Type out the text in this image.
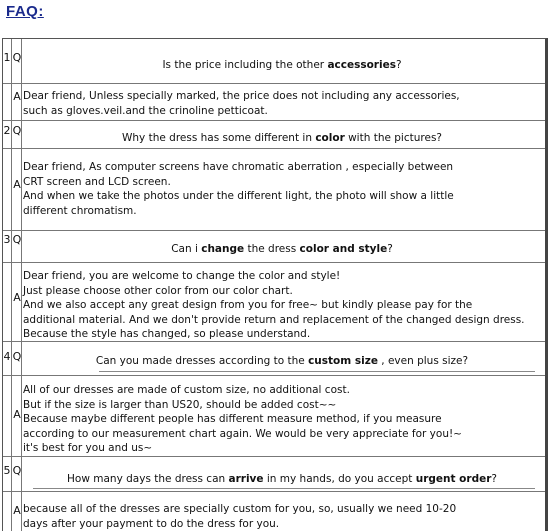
FAQ:
1 Q
Is the price including the other accessories?
A Dear friend, Unless specially marked, the price does not including any accessories,
such as gloves.veil.and the crinoline petticoat.
2 Q
Why the dress has some different in color with the pictures?
A
Dear friend, As computer screens have chromatic aberration , especially between
CRT screen and LCD screen.
And when we take the photos under the different light, the photo will show a little
different chromatism.
3 Q
Can i change the dress color and style?
A
Dear friend, you are welcome to change the color and style!
Just please choose other color from our color chart.
And we also accept any great design from you for free~ but kindly please pay for the
additional material. And we don't provide return and replacement of the changed design dress.
Because the style has changed, so please understand.
4 Q	Can you made dresses according to the custom size , even plus size?
A
All of our dresses are made of custom size, no additional cost.
But if the size is larger than US20, should be added cost~~
Because maybe different people has different measure method, if you measure
according to our measurement chart again. We would be very appreciate for you!~
it's best for you and us~
5 Q
How many days the dress can arrive in my hands, do you accept urgent order?
A because all of the dresses are specially custom for you, so, usually we need 10-20
days after your payment to do the dress for you.
